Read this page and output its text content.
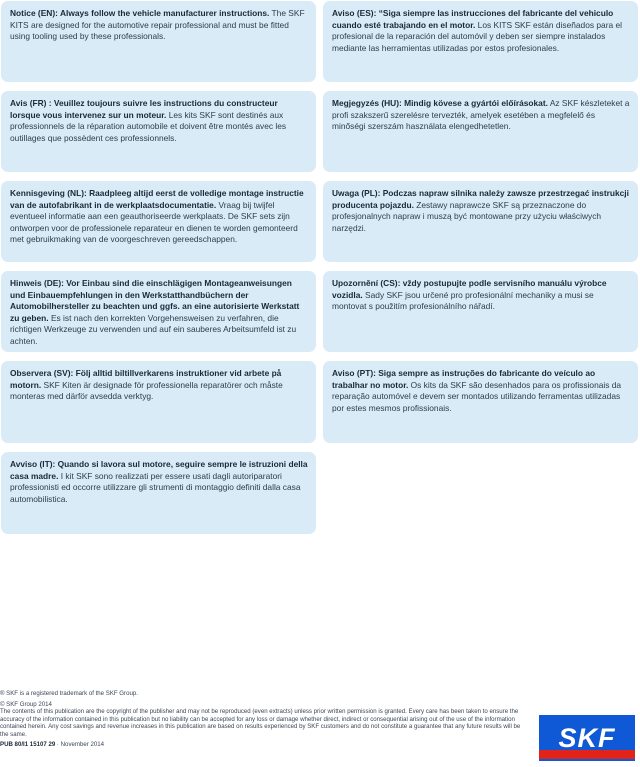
Notice (EN): Always follow the vehicle manufacturer instructions. The SKF KITS are designed for the automotive repair professional and must be fitted using tooling used by these professionals.
Aviso (ES): “Siga siempre las instrucciones del fabricante del vehiculo cuando esté trabajando en el motor. Los KITS SKF están diseñados para el profesional de la reparación del automóvil y deben ser siempre instalados mediante las herramientas utilizadas por estos profesionales.
Avis (FR) : Veuillez toujours suivre les instructions du constructeur lorsque vous intervenez sur un moteur. Les kits SKF sont destinés aux professionnels de la réparation automobile et doivent être montés avec les outillages que possèdent ces professionnels.
Megjegyzés (HU): Mindig kövese a gyártói előírásokat. Az SKF készleteket a profi szakszerű szerelésre tervezték, amelyek esetében a megfelelő és minőségi szerszám használata elengedhetetlen.
Kennisgeving (NL): Raadpleeg altijd eerst de volledige montage instructie van de autofabrikant in de werkplaatsdocumentatie. Vraag bij twijfel eventueel informatie aan een geauthoriseerde werkplaats. De SKF sets zijn ontworpen voor de professionele reparateur en dienen te worden gemonteerd met gebruikmaking van de voorgeschreven gereedschappen.
Uwaga (PL): Podczas napraw silnika należy zawsze przestrzegać instrukcji producenta pojazdu. Zestawy naprawcze SKF są przeznaczone do profesjonalnych napraw i muszą być montowane przy użyciu właściwych narzędzi.
Hinweis (DE): Vor Einbau sind die einschlägigen Montageanweisungen und Einbauempfehlungen in den Werkstatthandbüchern der Automobilhersteller zu beachten und ggfs. an eine autorisierte Werkstatt zu geben. Es ist nach den korrekten Vorgehensweisen zu verfahren, die richtigen Werkzeuge zu verwenden und auf ein sauberes Arbeitsumfeld ist zu achten.
Upozornění (CS): vždy postupujte podle servisního manuálu výrobce vozidla. Sady SKF jsou určené pro profesionální mechaniky a musi se montovat s použitím profesionálního nářadí.
Observera (SV): Följ alltid biltillverkarens instruktioner vid arbete på motorn. SKF Kiten är designade för professionella reparatörer och måste monteras med därför avsedda verktyg.
Aviso (PT): Siga sempre as instruções do fabricante do veículo ao trabalhar no motor. Os kits da SKF são desenhados para os profissionais da reparação automóvel e devem ser montados utilizando ferramentas utilizadas por estes mesmos profissionais.
Avviso (IT): Quando si lavora sul motore, seguire sempre le istruzioni della casa madre. I kit SKF sono realizzati per essere usati dagli autoriparatori professionisti ed occorre utilizzare gli strumenti di montaggio definiti dalla casa automobilistica.

® SKF is a registered trademark of the SKF Group.

© SKF Group 2014

The contents of this publication are the copyright of the publisher and may not be reproduced (even extracts) unless prior written permission is granted. Every care has been taken to ensure the accuracy of the information contained in this publication but no liability can be accepted for any loss or damage whether direct, indirect or consequential arising out of the use of the information contained herein. Any cost savings and revenue increases in this publication are based on results experienced by SKF customers and do not constitute a guarantee that any future results will be the same.

PUB 80/I1 15107 29 · November 2014	SKF
